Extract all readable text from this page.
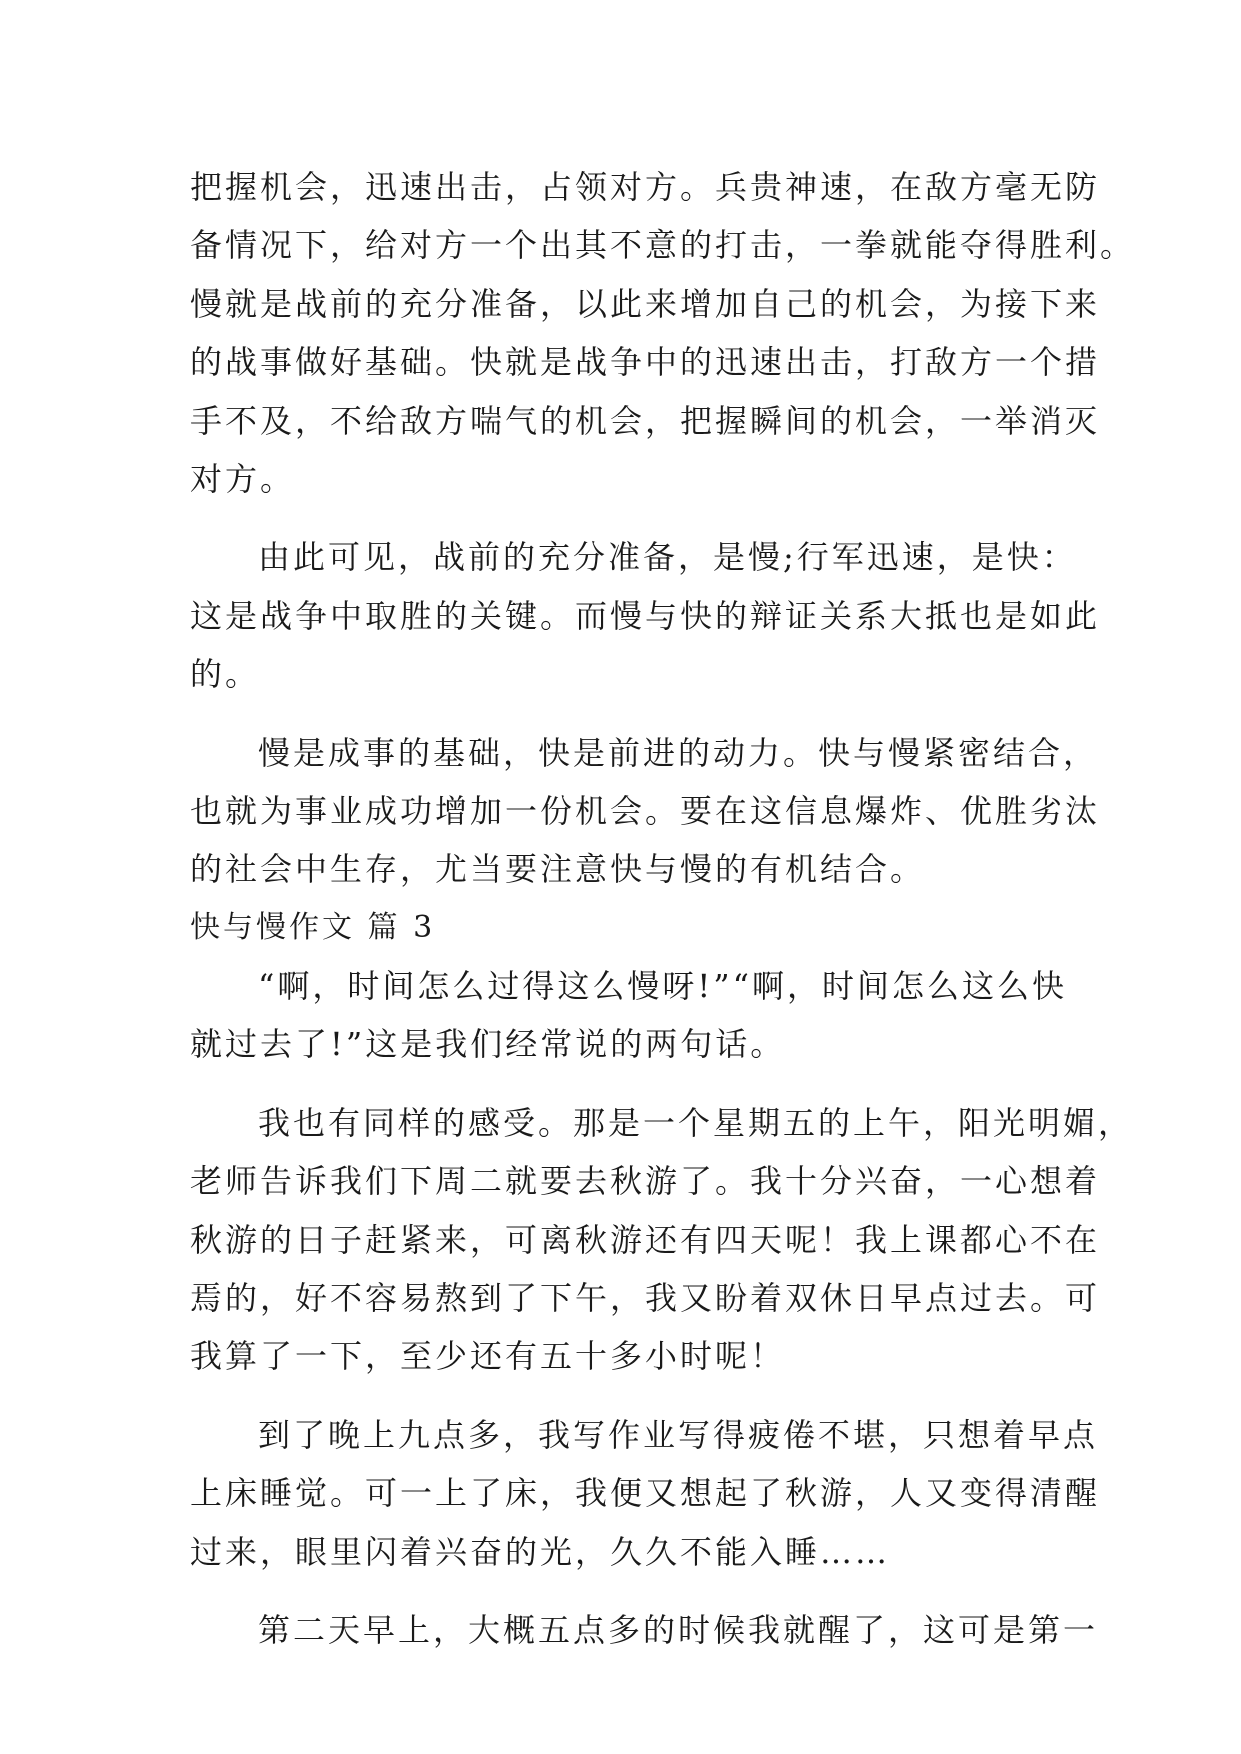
把握机会，迅速出击，占领对方。兵贵神速，在敌方毫无防
备情况下，给对方一个出其不意的打击，一拳就能夺得胜利。
慢就是战前的充分准备，以此来增加自己的机会，为接下来
的战事做好基础。快就是战争中的迅速出击，打敌方一个措
手不及，不给敌方喘气的机会，把握瞬间的机会，一举消灭
对方。
由此可见，战前的充分准备，是慢;行军迅速，是快：
这是战争中取胜的关键。而慢与快的辩证关系大抵也是如此
的。
慢是成事的基础，快是前进的动力。快与慢紧密结合，
也就为事业成功增加一份机会。要在这信息爆炸、优胜劣汰
的社会中生存，尤当要注意快与慢的有机结合。
快与慢作文 篇 3
“啊，时间怎么过得这么慢呀!”“啊，时间怎么这么快
就过去了!”这是我们经常说的两句话。
我也有同样的感受。那是一个星期五的上午，阳光明媚，
老师告诉我们下周二就要去秋游了。我十分兴奋，一心想着
秋游的日子赶紧来，可离秋游还有四天呢！我上课都心不在
焉的，好不容易熬到了下午，我又盼着双休日早点过去。可
我算了一下，至少还有五十多小时呢！
到了晚上九点多，我写作业写得疲倦不堪，只想着早点
上床睡觉。可一上了床，我便又想起了秋游，人又变得清醒
过来，眼里闪着兴奋的光，久久不能入睡……
第二天早上，大概五点多的时候我就醒了，这可是第一
